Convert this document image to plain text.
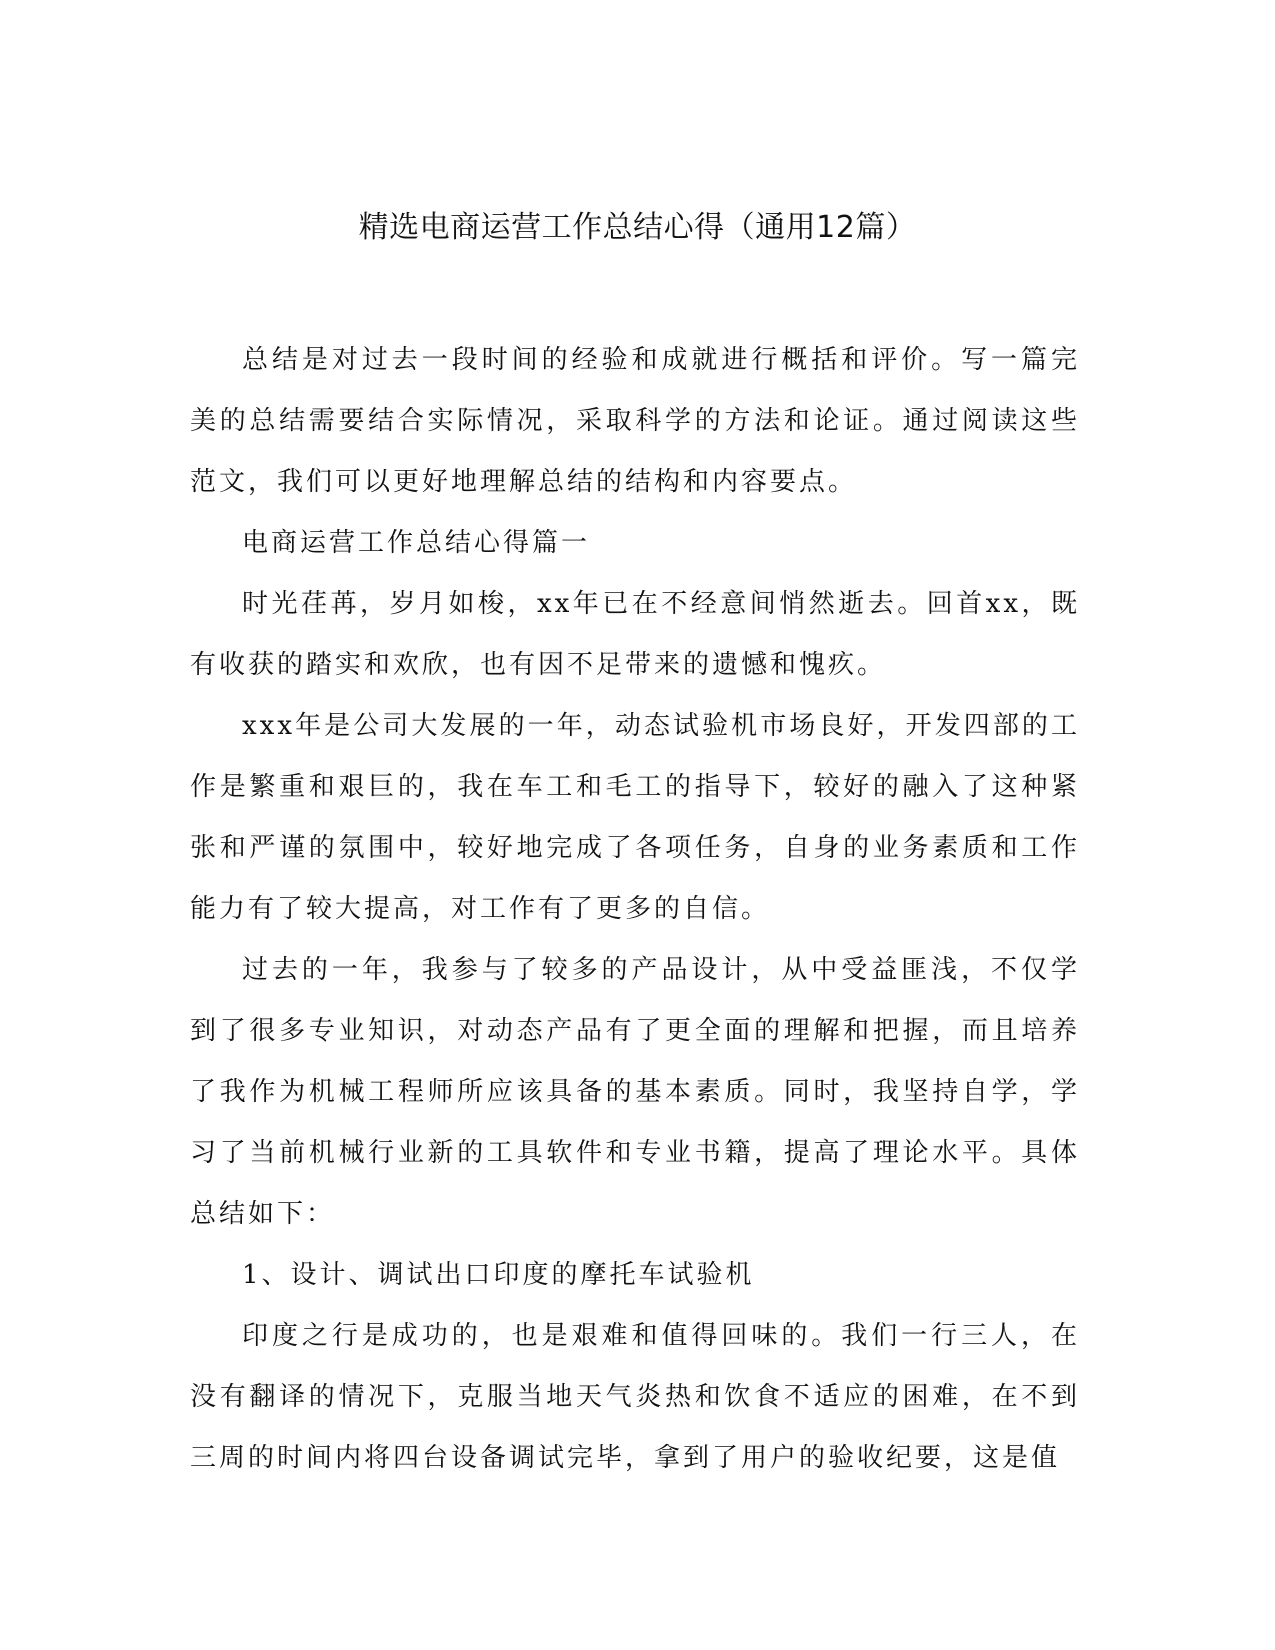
精选电商运营工作总结心得（通用12篇）

总结是对过去一段时间的经验和成就进行概括和评价。写一篇完美的总结需要结合实际情况，采取科学的方法和论证。通过阅读这些范文，我们可以更好地理解总结的结构和内容要点。

电商运营工作总结心得篇一

时光荏苒，岁月如梭，xx年已在不经意间悄然逝去。回首xx，既有收获的踏实和欢欣，也有因不足带来的遗憾和愧疚。

xxx年是公司大发展的一年，动态试验机市场良好，开发四部的工作是繁重和艰巨的，我在车工和毛工的指导下，较好的融入了这种紧张和严谨的氛围中，较好地完成了各项任务，自身的业务素质和工作能力有了较大提高，对工作有了更多的自信。

过去的一年，我参与了较多的产品设计，从中受益匪浅，不仅学到了很多专业知识，对动态产品有了更全面的理解和把握，而且培养了我作为机械工程师所应该具备的基本素质。同时，我坚持自学，学习了当前机械行业新的工具软件和专业书籍，提高了理论水平。具体总结如下：

1、设计、调试出口印度的摩托车试验机

印度之行是成功的，也是艰难和值得回味的。我们一行三人，在没有翻译的情况下，克服当地天气炎热和饮食不适应的困难，在不到三周的时间内将四台设备调试完毕，拿到了用户的验收纪要，这是值
